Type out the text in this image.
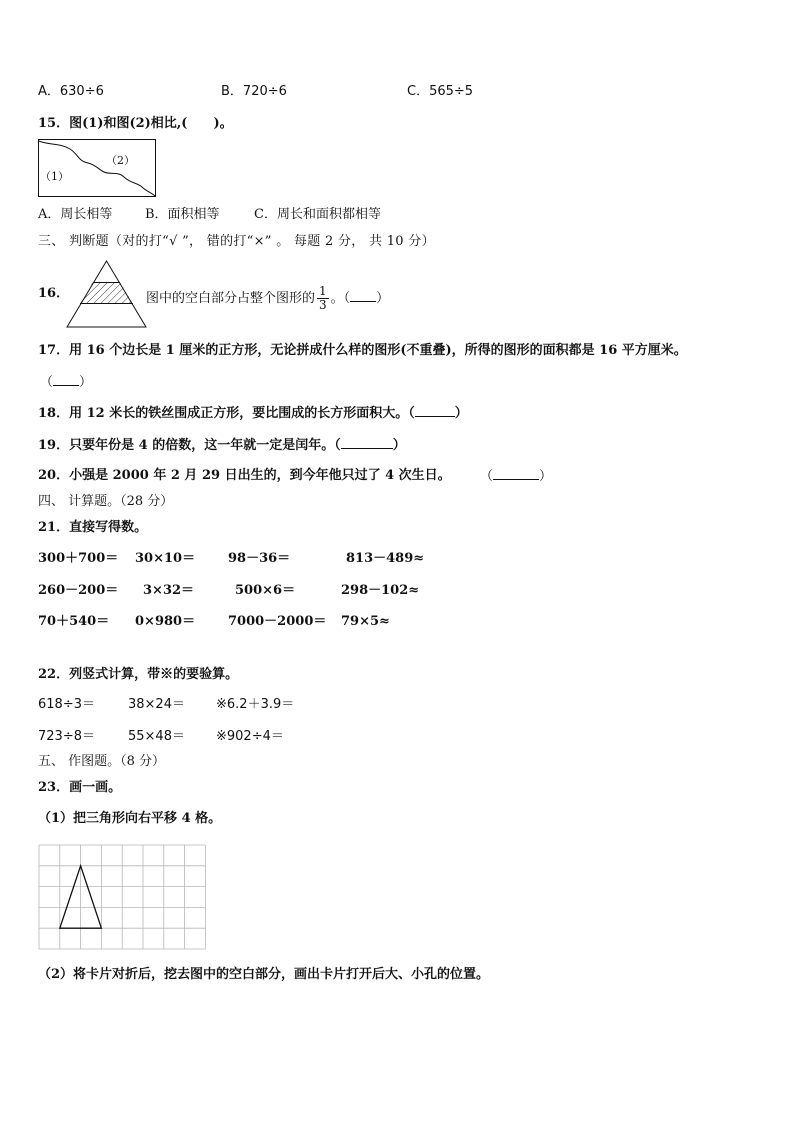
A．630÷6	B．720÷6	C．565÷5
15．图(1)和图(2)相比,(　　)。
（1）
（2）
A．周长相等	B．面积相等	C．周长和面积都相等
三、 判断题（对的打“√ ”， 错的打“×” 。 每题 2 分， 共 10 分）
16．	图中的空白部分占整个图形的 $\frac{1}{3}$ 。（ ）
17．用 16 个边长是 1 厘米的正方形，无论拼成什么样的图形(不重叠)，所得的图形的面积都是 16 平方厘米。
（ ）
18．用 12 米长的铁丝围成正方形，要比围成的长方形面积大。（	）
19．只要年份是 4 的倍数，这一年就一定是闰年。（	）
20．小强是 2000 年 2 月 29 日出生的，到今年他只过了 4 次生日。 （	）
四、 计算题。（28 分）
21．直接写得数。
300＋700＝ 30×10＝	98－36＝	813－489≈
260－200＝ 3×32＝	500×6＝	298－102≈
70＋540＝ 0×980＝	7000－2000＝ 79×5≈
22．列竖式计算，带※的要验算。
618÷3＝	38×24＝ ※6.2＋3.9＝
723÷8＝	55×48＝ ※902÷4＝
五、 作图题。（8 分）
23．画一画。
（1）把三角形向右平移 4 格。
（2）将卡片对折后，挖去图中的空白部分，画出卡片打开后大、小孔的位置。
